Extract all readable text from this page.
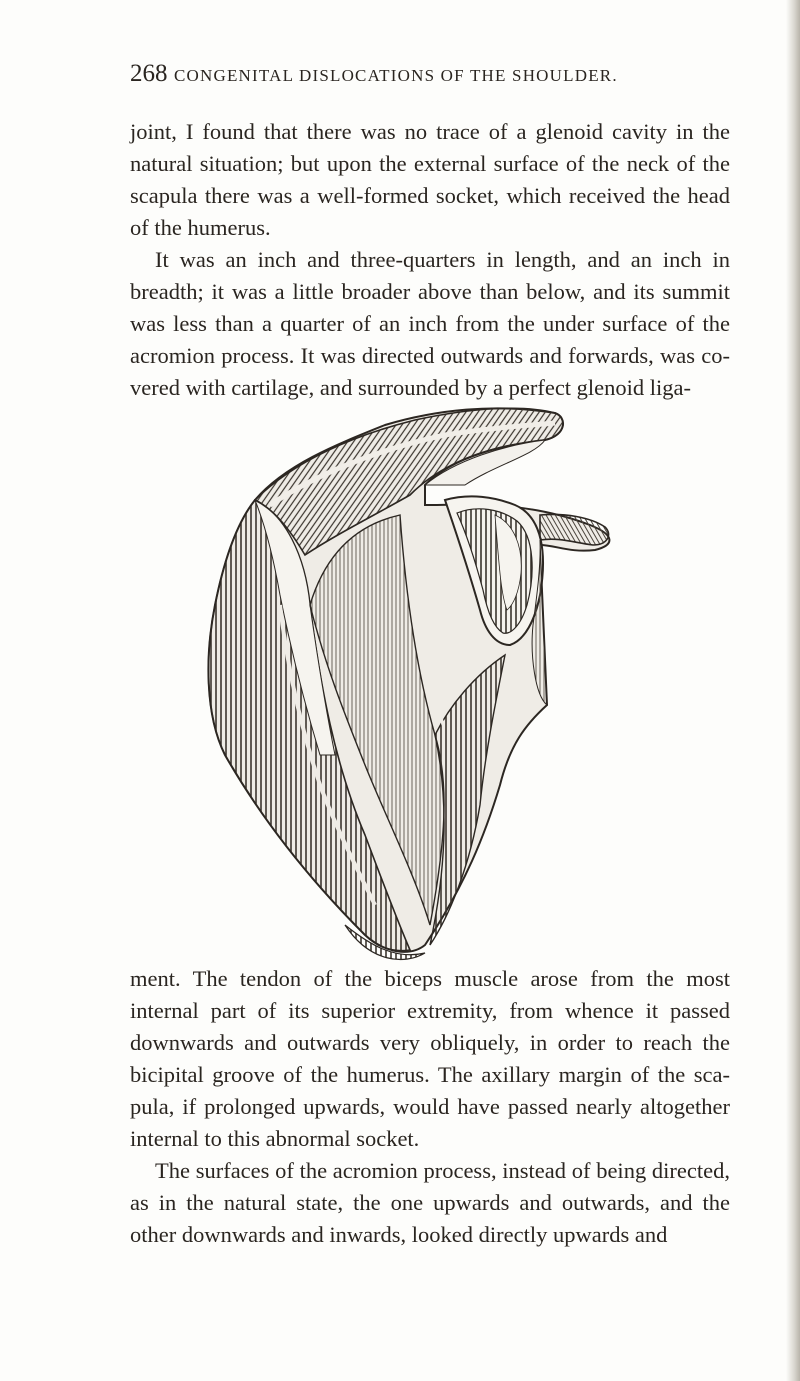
268 CONGENITAL DISLOCATIONS OF THE SHOULDER.

joint, I found that there was no trace of a glenoid cavity in the natural situation; but upon the external surface of the neck of the scapula there was a well-formed socket, which received the head of the humerus.

It was an inch and three-quarters in length, and an inch in breadth; it was a little broader above than below, and its summit was less than a quarter of an inch from the under surface of the acromion process. It was directed outwards and forwards, was co-vered with cartilage, and surrounded by a perfect glenoid liga-

ment. The tendon of the biceps muscle arose from the most internal part of its superior extremity, from whence it passed downwards and outwards very obliquely, in order to reach the bicipital groove of the humerus. The axillary margin of the sca-pula, if prolonged upwards, would have passed nearly altogether internal to this abnormal socket.

The surfaces of the acromion process, instead of being directed, as in the natural state, the one upwards and outwards, and the other downwards and inwards, looked directly upwards and
